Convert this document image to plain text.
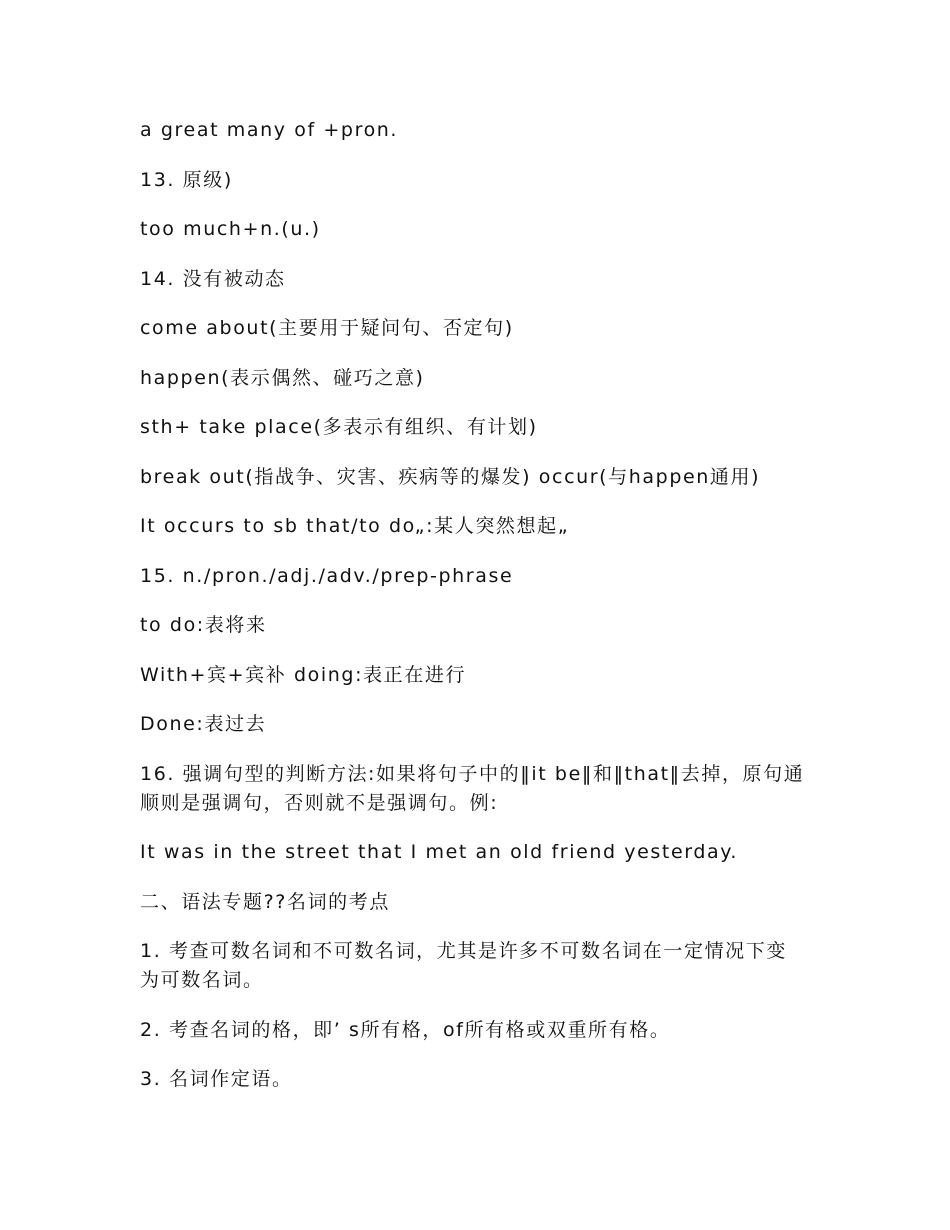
a great many of +pron.
13. 原级)
too much+n.(u.)
14. 没有被动态
come about(主要用于疑问句、否定句)
happen(表示偶然、碰巧之意)
sth+ take place(多表示有组织、有计划)
break out(指战争、灾害、疾病等的爆发) occur(与happen通用)
It occurs to sb that/to do„:某人突然想起„
15. n./pron./adj./adv./prep-phrase
to do:表将来
With+宾+宾补 doing:表正在进行
Done:表过去
16. 强调句型的判断方法:如果将句子中的‖it be‖和‖that‖去掉，原句通顺则是强调句，否则就不是强调句。例:
It was in the street that I met an old friend yesterday.
二、语法专题??名词的考点
1. 考查可数名词和不可数名词，尤其是许多不可数名词在一定情况下变为可数名词。
2. 考查名词的格，即’ s所有格，of所有格或双重所有格。
3. 名词作定语。
